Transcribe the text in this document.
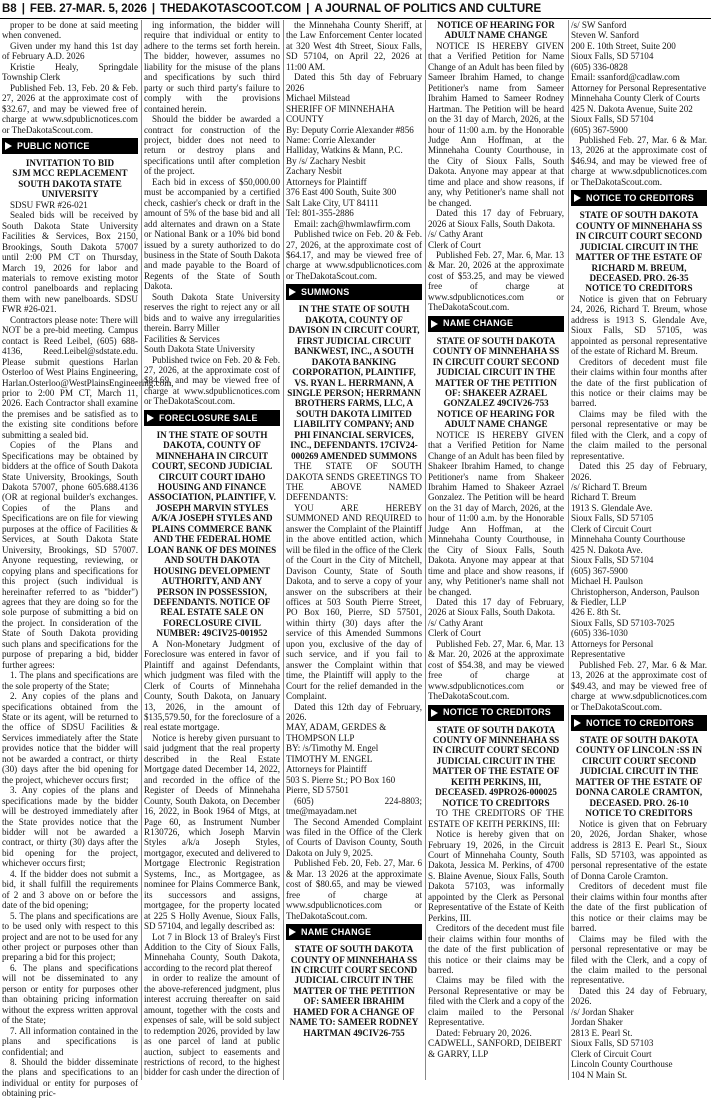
B8 | FEB. 27-MAR. 5, 2026 | THEDAKOTASCOOT.COM | A JOURNAL OF POLITICS AND CULTURE

proper to be done at said meeting when convened.

Given under my hand this 1st day of February A.D. 2026

Kristie Healy, Springdale Township Clerk

Published Feb. 13, Feb. 20 & Feb. 27, 2026 at the approximate cost of $32.67, and may be viewed free of charge at www.sdpublicnotices.com or TheDakotaScout.com.

PUBLIC NOTICE

INVITATION TO BID

SJM MCC REPLACEMENT SOUTH DAKOTA STATE UNIVERSITY

SDSU FWR #26-021

Sealed bids will be received by South Dakota State University Facilities & Services, Box 2150, Brookings, South Dakota 57007 until 2:00 PM CT on Thursday, March 19, 2026 for labor and materials to remove existing motor control panelboards and replacing them with new panelboards. SDSU FWR #26-021.

Contractors please note: There will NOT be a pre-bid meeting. Campus contact is Reed Leibel, (605) 688-4136, Reed.Leibel@sdstate.edu. Please submit questions Harlan Osterloo of West Plains Engineering, Harlan.Osterloo@WestPlainsEngineering.com, prior to 2:00 PM CT, March 11, 2026. Each Contractor shall examine the premises and be satisfied as to the existing site conditions before submitting a sealed bid.

Copies of the Plans and Specifications may be obtained by bidders at the office of South Dakota State University, Brookings, South Dakota 57007, phone 605.688.4136 (OR at regional builder's exchanges. Copies of the Plans and Specifications are on file for viewing purposes at the office of Facilities & Services, at South Dakota State University, Brookings, SD 57007. Anyone requesting, reviewing, or copying plans and specifications for this project (such individual is hereinafter referred to as "bidder") agrees that they are doing so for the sole purpose of submitting a bid on the project. In consideration of the State of South Dakota providing such plans and specifications for the purpose of preparing a bid, bidder further agrees:

1. The plans and specifications are the sole property of the State;

2. Any copies of the plans and specifications obtained from the State or its agent, will be returned to the office of SDSU Facilities & Services immediately after the State provides notice that the bidder will not be awarded a contract, or thirty (30) days after the bid opening for the project, whichever occurs first;

3. Any copies of the plans and specifications made by the bidder will be destroyed immediately after the State provides notice that the bidder will not be awarded a contract, or thirty (30) days after the bid opening for the project, whichever occurs first;

4. If the bidder does not submit a bid, it shall fulfill the requirements of 2 and 3 above on or before the date of the bid opening;

5. The plans and specifications are to be used only with respect to this project and are not to be used for any other project or purposes other than preparing a bid for this project;

6. The plans and specifications will not be disseminated to any person or entity for purposes other than obtaining pricing information without the express written approval of the State;

7. All information contained in the plans and specifications is confidential; and

8. Should the bidder disseminate the plans and specifications to an individual or entity for purposes of obtaining pric-

ing information, the bidder will require that individual or entity to adhere to the terms set forth herein. The bidder, however, assumes no liability for the misuse of the plans and specifications by such third party or such third party's failure to comply with the provisions contained herein.

Should the bidder be awarded a contract for construction of the project, bidder does not need to return or destroy plans and specifications until after completion of the project.

Each bid in excess of $50,000.00 must be accompanied by a certified check, cashier's check or draft in the amount of 5% of the base bid and all add alternates and drawn on a State or National Bank or a 10% bid bond issued by a surety authorized to do business in the State of South Dakota and made payable to the Board of Regents of the State of South Dakota.

South Dakota State University reserves the right to reject any or all bids and to waive any irregularities therein. Barry Miller

Facilities & Services

South Dakota State University

Published twice on Feb. 20 & Feb. 27, 2026, at the approximate cost of $84.69, and may be viewed free of charge at www.sdpublicnotices.com or TheDakotaScout.com.

FORECLOSURE SALE

IN THE STATE OF SOUTH DAKOTA, COUNTY OF MINNEHAHA IN CIRCUIT COURT, SECOND JUDICIAL CIRCUIT COURT IDAHO HOUSING AND FINANCE ASSOCIATION, PLAINTIFF, V. JOSEPH MARVIN STYLES A/K/A JOSEPH STYLES AND PLAINS COMMERCE BANK AND THE FEDERAL HOME LOAN BANK OF DES MOINES AND SOUTH DAKOTA HOUSING DEVELOPMENT AUTHORITY, AND ANY PERSON IN POSSESSION, DEFENDANTS. NOTICE OF REAL ESTATE SALE ON FORECLOSURE CIVIL NUMBER: 49CIV25-001952

A Non-Monetary Judgment of Foreclosure was entered in favor of Plaintiff and against Defendants, which judgment was filed with the Clerk of Courts of Minnehaha County, South Dakota, on January 13, 2026, in the amount of $135,579.50, for the foreclosure of a real estate mortgage.

Notice is hereby given pursuant to said judgment that the real property described in the Real Estate Mortgage dated December 14, 2022, and recorded in the office of the Register of Deeds of Minnehaha County, South Dakota, on December 16, 2022, in Book 1964 of Mtgs, at Page 60, as Instrument Number R130726, which Joseph Marvin Styles a/k/a Joseph Styles, mortgagor, executed and delivered to Mortgage Electronic Registration Systems, Inc., as Mortgagee, as nominee for Plains Commerce Bank, its successors and assigns, mortgagee, for the property located at 225 S Holly Avenue, Sioux Falls, SD 57104, and legally described as:

Lot 7 in Block 13 of Braley's First Addition to the City of Sioux Falls, Minnehaha County, South Dakota, according to the record plat thereof

in order to realize the amount of the above-referenced judgment, plus interest accruing thereafter on said amount, together with the costs and expenses of sale, will be sold subject to redemption 2026, provided by law as one parcel of land at public auction, subject to easements and restrictions of record, to the highest bidder for cash under the direction of

the Minnehaha County Sheriff, at the Law Enforcement Center located at 320 West 4th Street, Sioux Falls, SD 57104, on April 22, 2026 at 11:00 AM.

Dated this 5th day of February 2026

Michael Milstead

SHERIFF OF MINNEHAHA COUNTY

By: Deputy Corrie Alexander #856

Name: Corrie Alexander

Halliday, Watkins & Mann, P.C.

By /s/ Zachary Nesbit

Zachary Nesbit

Attorneys for Plaintiff

376 East 400 South, Suite 300

Salt Lake City, UT 84111

Tel: 801-355-2886

Email: zach@hwmlawfirm.com

Published twice on Feb. 20 & Feb. 27, 2026, at the approximate cost of $64.17, and may be viewed free of charge at www.sdpublicnotices.com or TheDakotaScout.com.

SUMMONS

IN THE STATE OF SOUTH DAKOTA, COUNTY OF DAVISON IN CIRCUIT COURT, FIRST JUDICIAL CIRCUIT BANKWEST, INC., A SOUTH DAKOTA BANKING CORPORATION, PLAINTIFF, VS. RYAN L. HERRMANN, A SINGLE PERSON; HERRMANN BROTHERS FARMS, LLC, A SOUTH DAKOTA LIMITED LIABILITY COMPANY; AND PHI FINANCIAL SERVICES, INC., DEFENDANTS. 17CIV24-000269 AMENDED SUMMONS

THE STATE OF SOUTH DAKOTA SENDS GREETINGS TO THE ABOVE NAMED DEFENDANTS:

YOU ARE HEREBY SUMMONED AND REQUIRED to answer the Complaint of the Plaintiff in the above entitled action, which will be filed in the office of the Clerk of the Court in the City of Mitchell, Davison County, State of South Dakota, and to serve a copy of your answer on the subscribers at their offices at 503 South Pierre Street, PO Box 160, Pierre, SD 57501, within thirty (30) days after the service of this Amended Summons upon you, exclusive of the day of such service, and if you fail to answer the Complaint within that time, the Plaintiff will apply to the Court for the relief demanded in the Complaint.

Dated this 12th day of February, 2026.

MAY, ADAM, GERDES & THOMPSON LLP

BY: /s/Timothy M. Engel

TIMOTHY M. ENGEL

Attorneys for Plaintiff

503 S. Pierre St.; PO Box 160

Pierre, SD 57501

(605) 224-8803; tme@mayadam.net

The Second Amended Complaint was filed in the Office of the Clerk of Courts of Davison County, South Dakota on July 9, 2025.

Published Feb. 20, Feb. 27, Mar. 6 & Mar. 13 2026 at the approximate cost of $80.65, and may be viewed free of charge at www.sdpublicnotices.com or TheDakotaScout.com.

NAME CHANGE

STATE OF SOUTH DAKOTA COUNTY OF MINNEHAHA SS IN CIRCUIT COURT SECOND JUDICIAL CIRCUIT IN THE MATTER OF THE PETITION OF: SAMEER IBRAHIM HAMED FOR A CHANGE OF NAME TO: SAMEER RODNEY HARTMAN 49CIV26-755

NOTICE OF HEARING FOR ADULT NAME CHANGE

NOTICE IS HEREBY GIVEN that a Verified Petition for Name Change of an Adult has been filed by Sameer Ibrahim Hamed, to change Petitioner's name from Sameer Ibrahim Hamed to Sameer Rodney Hartman. The Petition will be heard on the 31 day of March, 2026, at the hour of 11:00 a.m. by the Honorable Judge Ann Hoffman, at the Minnehaha County Courthouse, in the City of Sioux Falls, South Dakota. Anyone may appear at that time and place and show reasons, if any, why Petitioner's name shall not be changed.

Dated this 17 day of February, 2026 at Sioux Falls, South Dakota.

/s/ Cathy Arant

Clerk of Court

Published Feb. 27, Mar. 6, Mar. 13 & Mar. 20, 2026 at the approximate cost of $53.25, and may be viewed free of charge at www.sdpublicnotices.com or TheDakotaScout.com.

NAME CHANGE

STATE OF SOUTH DAKOTA COUNTY OF MINNEHAHA SS IN CIRCUIT COURT SECOND JUDICIAL CIRCUIT IN THE MATTER OF THE PETITION OF: SHAKEER AZRAEL GONZALEZ 49CIV26-753 NOTICE OF HEARING FOR ADULT NAME CHANGE

NOTICE IS HEREBY GIVEN that a Verified Petition for Name Change of an Adult has been filed by Shakeer Ibrahim Hamed, to change Petitioner's name from Shakeer Ibrahim Hamed to Shakeer Azrael Gonzalez. The Petition will be heard on the 31 day of March, 2026, at the hour of 11:00 a.m. by the Honorable Judge Ann Hoffman, at the Minnehaha County Courthouse, in the City of Sioux Falls, South Dakota. Anyone may appear at that time and place and show reasons, if any, why Petitioner's name shall not be changed.

Dated this 17 day of February, 2026 at Sioux Falls, South Dakota.

/s/ Cathy Arant

Clerk of Court

Published Feb. 27, Mar. 6, Mar. 13 & Mar. 20, 2026 at the approximate cost of $54.38, and may be viewed free of charge at www.sdpublicnotices.com or TheDakotaScout.com.

NOTICE TO CREDITORS

STATE OF SOUTH DAKOTA COUNTY OF MINNEHAHA SS IN CIRCUIT COURT SECOND JUDICIAL CIRCUIT IN THE MATTER OF THE ESTATE OF KEITH PERKINS, III, DECEASED. 49PRO26-000025 NOTICE TO CREDITORS

TO THE CREDITORS OF THE ESTATE OF KEITH PERKINS, III:

Notice is hereby given that on February 19, 2026, in the Circuit Court of Minnehaha County, South Dakota, Jessica M. Perkins, of 4700 S. Blaine Avenue, Sioux Falls, South Dakota 57103, was informally appointed by the Clerk as Personal Representative of the Estate of Keith Perkins, III.

Creditors of the decedent must file their claims within four months of the date of the first publication of this notice or their claims may be barred.

Claims may be filed with the Personal Representative or may be filed with the Clerk and a copy of the claim mailed to the Personal Representative.

Dated: February 20, 2026.

CADWELL, SANFORD, DEIBERT & GARRY, LLP

/s/ SW Sanford

Steven W. Sanford

200 E. 10th Street, Suite 200

Sioux Falls, SD 57104

(605) 336-0828

Email: ssanford@cadlaw.com

Attorney for Personal Representative

Minnehaha County Clerk of Courts

425 N. Dakota Avenue, Suite 202

Sioux Falls, SD 57104

(605) 367-5900

Published Feb. 27, Mar. 6 & Mar. 13, 2026 at the approximate cost of $46.94, and may be viewed free of charge at www.sdpublicnotices.com or TheDakotaScout.com.

NOTICE TO CREDITORS

STATE OF SOUTH DAKOTA COUNTY OF MINNEHAHA SS IN CIRCUIT COURT SECOND JUDICIAL CIRCUIT IN THE MATTER OF THE ESTATE OF RICHARD M. BREUM, DECEASED. PRO. 26-35 NOTICE TO CREDITORS

Notice is given that on February 24, 2026, Richard T. Breum, whose address is 1913 S. Glendale Ave, Sioux Falls, SD 57105, was appointed as personal representative of the estate of Richard M. Breum.

Creditors of decedent must file their claims within four months after the date of the first publication of this notice or their claims may be barred.

Claims may be filed with the personal representative or may be filed with the Clerk, and a copy of the claim mailed to the personal representative.

Dated this 25 day of February, 2026.

/s/ Richard T. Breum

Richard T. Breum

1913 S. Glendale Ave.

Sioux Falls, SD 57105

Clerk of Circuit Court

Minnehaha County Courthouse

425 N. Dakota Ave.

Sioux Falls, SD 57104

(605) 367-5900

Michael H. Paulson

Christopherson, Anderson, Paulson & Fiedler, LLP

426 E. 8th St.

Sioux Falls, SD 57103-7025

(605) 336-1030

Attorneys for Personal Representative

Published Feb. 27, Mar. 6 & Mar. 13, 2026 at the approximate cost of $49.43, and may be viewed free of charge at www.sdpublicnotices.com or TheDakotaScout.com.

NOTICE TO CREDITORS

STATE OF SOUTH DAKOTA COUNTY OF LINCOLN :SS IN CIRCUIT COURT SECOND JUDICIAL CIRCUIT IN THE MATTER OF THE ESTATE OF DONNA CAROLE CRAMTON, DECEASED. PRO. 26-10 NOTICE TO CREDITORS

Notice is given that on February 20, 2026, Jordan Shaker, whose address is 2813 E. Pearl St., Sioux Falls, SD 57103, was appointed as personal representative of the estate of Donna Carole Cramton.

Creditors of decedent must file their claims within four months after the date of the first publication of this notice or their claims may be barred.

Claims may be filed with the personal representative or may be filed with the Clerk, and a copy of the claim mailed to the personal representative.

Dated this 24 day of February, 2026.

/s/ Jordan Shaker

Jordan Shaker

2813 E. Pearl St.

Sioux Falls, SD 57103

Clerk of Circuit Court

Lincoln County Courthouse

104 N Main St.
